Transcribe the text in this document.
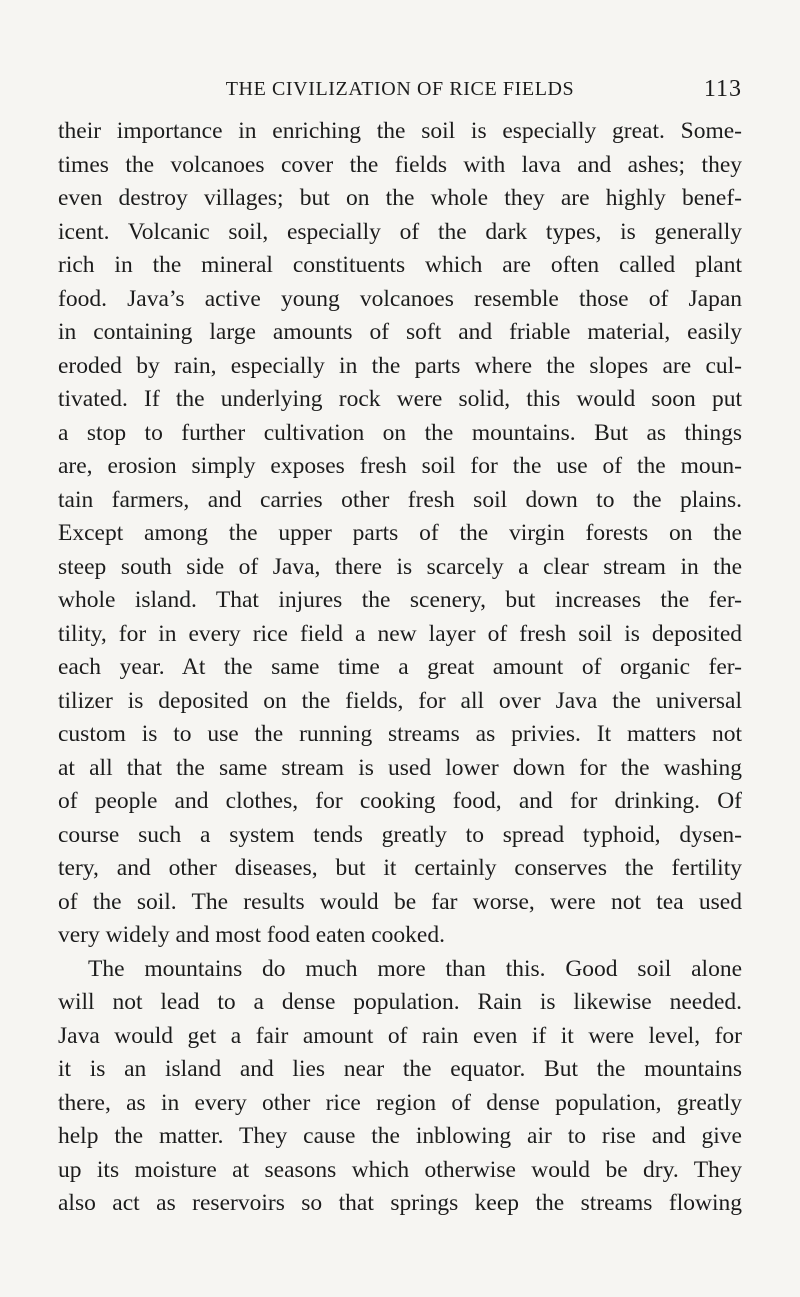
THE CIVILIZATION OF RICE FIELDS	113
their importance in enriching the soil is especially great. Some-
times the volcanoes cover the fields with lava and ashes; they
even destroy villages; but on the whole they are highly benef-
icent. Volcanic soil, especially of the dark types, is generally
rich in the mineral constituents which are often called plant
food. Java’s active young volcanoes resemble those of Japan
in containing large amounts of soft and friable material, easily
eroded by rain, especially in the parts where the slopes are cul-
tivated. If the underlying rock were solid, this would soon put
a stop to further cultivation on the mountains. But as things
are, erosion simply exposes fresh soil for the use of the moun-
tain farmers, and carries other fresh soil down to the plains.
Except among the upper parts of the virgin forests on the
steep south side of Java, there is scarcely a clear stream in the
whole island. That injures the scenery, but increases the fer-
tility, for in every rice field a new layer of fresh soil is deposited
each year. At the same time a great amount of organic fer-
tilizer is deposited on the fields, for all over Java the universal
custom is to use the running streams as privies. It matters not
at all that the same stream is used lower down for the washing
of people and clothes, for cooking food, and for drinking. Of
course such a system tends greatly to spread typhoid, dysen-
tery, and other diseases, but it certainly conserves the fertility
of the soil. The results would be far worse, were not tea used
very widely and most food eaten cooked.
The mountains do much more than this. Good soil alone
will not lead to a dense population. Rain is likewise needed.
Java would get a fair amount of rain even if it were level, for
it is an island and lies near the equator. But the mountains
there, as in every other rice region of dense population, greatly
help the matter. They cause the inblowing air to rise and give
up its moisture at seasons which otherwise would be dry. They
also act as reservoirs so that springs keep the streams flowing
